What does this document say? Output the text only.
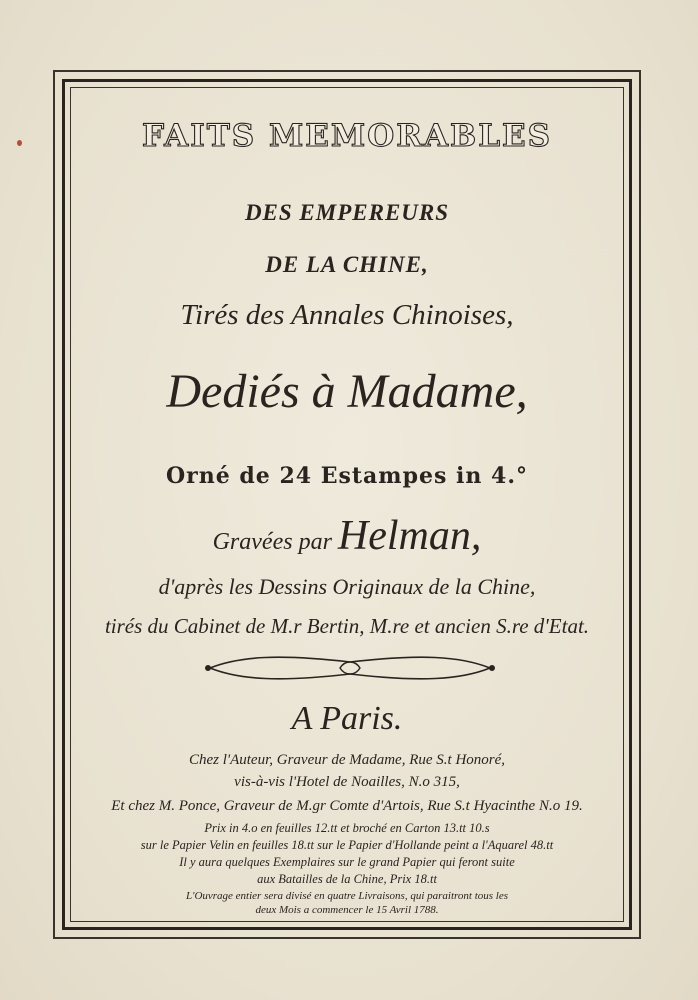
FAITS MEMORABLES
DES EMPEREURS
DE LA CHINE,
Tirés des Annales Chinoises,
Dediés à Madame,
Orné de 24 Estampes in 4.°
Gravées par Helman,
d'après les Dessins Originaux de la Chine,
tirés du Cabinet de M.r Bertin, M.re et ancien S.re d'Etat.
A Paris.
Chez l'Auteur, Graveur de Madame, Rue S.t Honoré,
vis-à-vis l'Hotel de Noailles, N.o 315,
Et chez M. Ponce, Graveur de M.gr Comte d'Artois, Rue S.t Hyacinthe N.o 19.
Prix in 4.o en feuilles 12.tt et broché en Carton 13.tt 10.s
sur le Papier Velin en feuilles 18.tt sur le Papier d'Hollande peint a l'Aquarel 48.tt
Il y aura quelques Exemplaires sur le grand Papier qui feront suite
aux Batailles de la Chine, Prix 18.tt
L'Ouvrage entier sera divisé en quatre Livraisons, qui paraitront tous les
deux Mois a commencer le 15 Avril 1788.
